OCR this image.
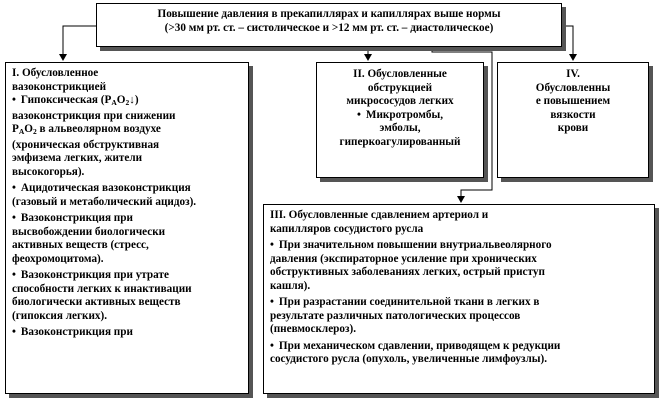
Повышение давления в прекапиллярах и капиллярах выше нормы
(>30 мм рт. ст. – систолическое и >12 мм рт. ст. – диастолическое)
I. Обусловленное
вазоконстрикцией
• Гипоксическая $(P_AO_2↓)$
вазоконстрикция при снижении
$P_AO_2$ в альвеолярном воздухе
(хроническая обструктивная
эмфизема легких, жители
высокогорья).
• Ацидотическая вазоконстрикция
(газовый и метаболический ацидоз).
• Вазоконстрикция при
высвобождении биологически
активных веществ (стресс,
феохромоцитома).
• Вазоконстрикция при утрате
способности легких к инактивации
биологически активных веществ
(гипоксия легких).
• Вазоконстрикция при
II. Обусловленные
обструкцией
микрососудов легких
• Микротромбы,
эмболы,
гиперкоагулированный
IV.
Обусловленны
е повышением
вязкости
крови
III. Обусловленные сдавлением артериол и
капилляров сосудистого русла
• При значительном повышении внутриальвеолярного
давления (экспираторное усиление при хронических
обструктивных заболеваниях легких, острый приступ
кашля).
• При разрастании соединительной ткани в легких в
результате различных патологических процессов
(пневмосклероз).
• При механическом сдавлении, приводящем к редукции
сосудистого русла (опухоль, увеличенные лимфоузлы).
